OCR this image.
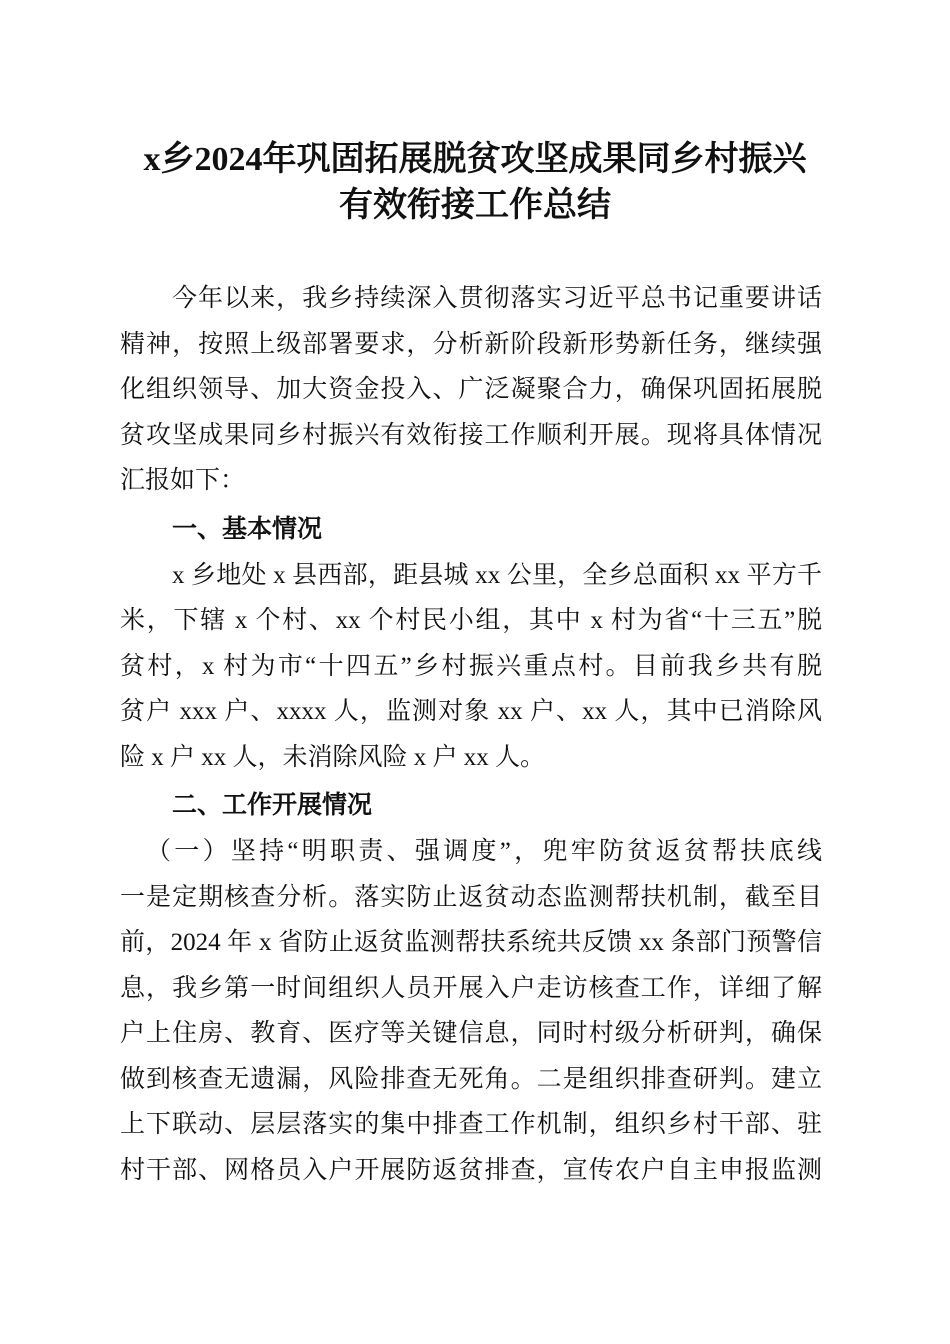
x乡2024年巩固拓展脱贫攻坚成果同乡村振兴
有效衔接工作总结
今年以来，我乡持续深入贯彻落实习近平总书记重要讲话
精神，按照上级部署要求，分析新阶段新形势新任务，继续强
化组织领导、加大资金投入、广泛凝聚合力，确保巩固拓展脱
贫攻坚成果同乡村振兴有效衔接工作顺利开展。现将具体情况
汇报如下：
一、基本情况
x 乡地处 x 县西部，距县城 xx 公里，全乡总面积 xx 平方千
米，下辖 x 个村、xx 个村民小组，其中 x 村为省“十三五”脱
贫村，x 村为市“十四五”乡村振兴重点村。目前我乡共有脱
贫户 xxx 户、xxxx 人，监测对象 xx 户、xx 人，其中已消除风
险 x 户 xx 人，未消除风险 x 户 xx 人。
二、工作开展情况
（一）坚持“明职责、强调度”，兜牢防贫返贫帮扶底线
一是定期核查分析。落实防止返贫动态监测帮扶机制，截至目
前，2024 年 x 省防止返贫监测帮扶系统共反馈 xx 条部门预警信
息，我乡第一时间组织人员开展入户走访核查工作，详细了解
户上住房、教育、医疗等关键信息，同时村级分析研判，确保
做到核查无遗漏，风险排查无死角。二是组织排查研判。建立
上下联动、层层落实的集中排查工作机制，组织乡村干部、驻
村干部、网格员入户开展防返贫排查，宣传农户自主申报监测
